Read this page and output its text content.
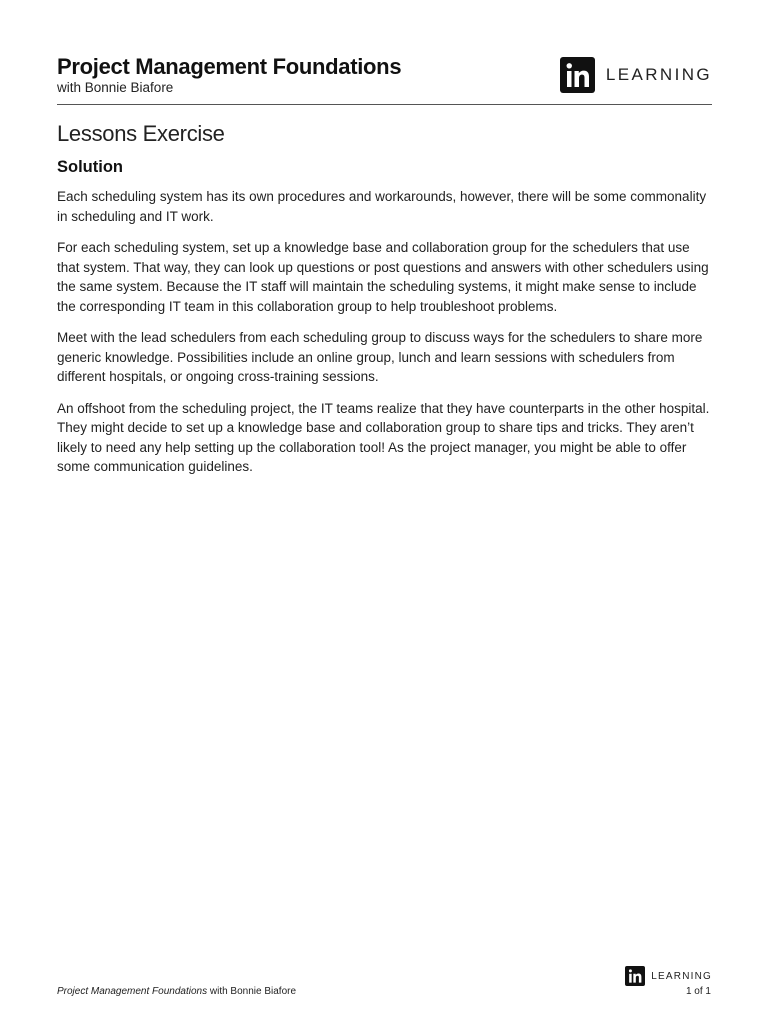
Project Management Foundations
with Bonnie Biafore
LEARNING
Lessons Exercise
Solution

Each scheduling system has its own procedures and workarounds, however, there will be some commonality in scheduling and IT work.

For each scheduling system, set up a knowledge base and collaboration group for the schedulers that use that system. That way, they can look up questions or post questions and answers with other schedulers using the same system. Because the IT staff will maintain the scheduling systems, it might make sense to include the corresponding IT team in this collaboration group to help troubleshoot problems.

Meet with the lead schedulers from each scheduling group to discuss ways for the schedulers to share more generic knowledge. Possibilities include an online group, lunch and learn sessions with schedulers from different hospitals, or ongoing cross-training sessions.

An offshoot from the scheduling project, the IT teams realize that they have counterparts in the other hospital. They might decide to set up a knowledge base and collaboration group to share tips and tricks. They aren’t likely to need any help setting up the collaboration tool! As the project manager, you might be able to offer some communication guidelines.

LEARNING
Project Management Foundations with Bonnie Biafore	1 of 1
